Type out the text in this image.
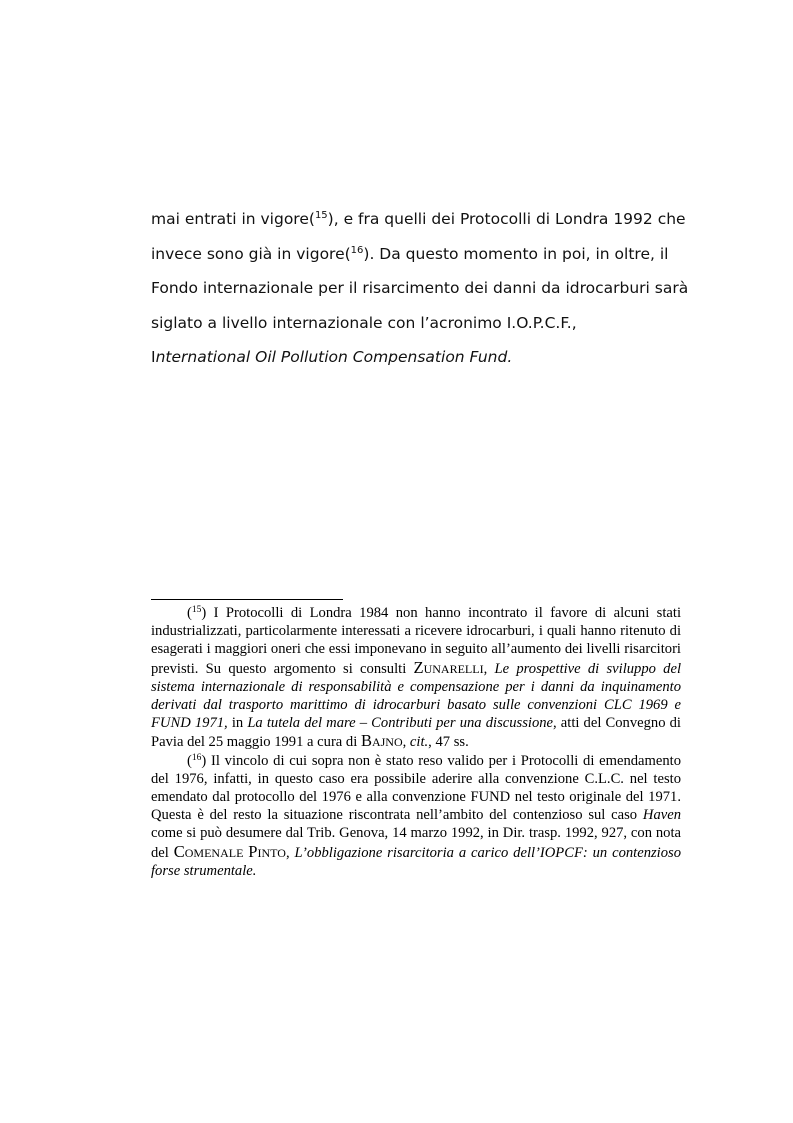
mai entrati in vigore($^{15}$), e fra quelli dei Protocolli di Londra 1992 che
invece sono già in vigore($^{16}$). Da questo momento in poi, in oltre, il
Fondo internazionale per il risarcimento dei danni da idrocarburi sarà
siglato a livello internazionale con l’acronimo I.O.P.C.F.,
International Oil Pollution Compensation Fund.

($^{15}$) I Protocolli di Londra 1984 non hanno incontrato il favore di alcuni stati industrializzati, particolarmente interessati a ricevere idrocarburi, i quali hanno ritenuto di esagerati i maggiori oneri che essi imponevano in seguito all’aumento dei livelli risarcitori previsti. Su questo argomento si consulti ZUNARELLI, Le prospettive di sviluppo del sistema internazionale di responsabilità e compensazione per i danni da inquinamento derivati dal trasporto marittimo di idrocarburi basato sulle convenzioni CLC 1969 e FUND 1971, in La tutela del mare – Contributi per una discussione, atti del Convegno di Pavia del 25 maggio 1991 a cura di BAJNO, cit., 47 ss.

($^{16}$) Il vincolo di cui sopra non è stato reso valido per i Protocolli di emendamento del 1976, infatti, in questo caso era possibile aderire alla convenzione C.L.C. nel testo emendato dal protocollo del 1976 e alla convenzione FUND nel testo originale del 1971. Questa è del resto la situazione riscontrata nell’ambito del contenzioso sul caso Haven come si può desumere dal Trib. Genova, 14 marzo 1992, in Dir. trasp. 1992, 927, con nota del COMENALE PINTO, L’obbligazione risarcitoria a carico dell’IOPCF: un contenzioso forse strumentale.
